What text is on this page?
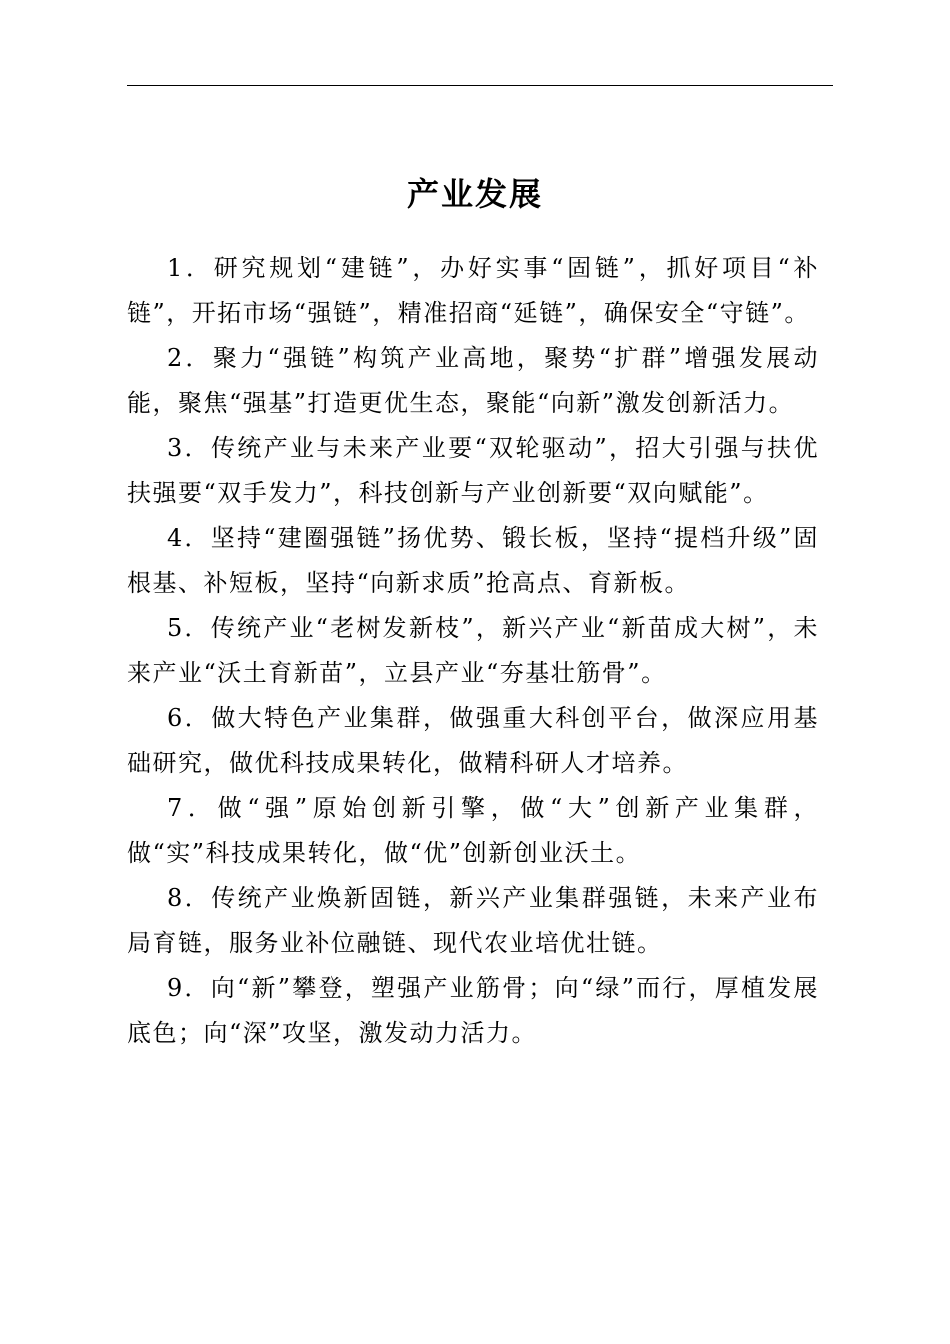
产业发展

1．研究规划“建链”，办好实事“固链”，抓好项目“补链”，开拓市场“强链”，精准招商“延链”，确保安全“守链”。

2．聚力“强链”构筑产业高地，聚势“扩群”增强发展动能，聚焦“强基”打造更优生态，聚能“向新”激发创新活力。

3．传统产业与未来产业要“双轮驱动”，招大引强与扶优扶强要“双手发力”，科技创新与产业创新要“双向赋能”。

4．坚持“建圈强链”扬优势、锻长板，坚持“提档升级”固根基、补短板，坚持“向新求质”抢高点、育新板。

5．传统产业“老树发新枝”，新兴产业“新苗成大树”，未来产业“沃土育新苗”，立县产业“夯基壮筋骨”。

6．做大特色产业集群，做强重大科创平台，做深应用基础研究，做优科技成果转化，做精科研人才培养。

7．做“强”原始创新引擎，做“大”创新产业集群，做“实”科技成果转化，做“优”创新创业沃土。

8．传统产业焕新固链，新兴产业集群强链，未来产业布局育链，服务业补位融链、现代农业培优壮链。

9．向“新”攀登，塑强产业筋骨；向“绿”而行，厚植发展底色；向“深”攻坚，激发动力活力。
